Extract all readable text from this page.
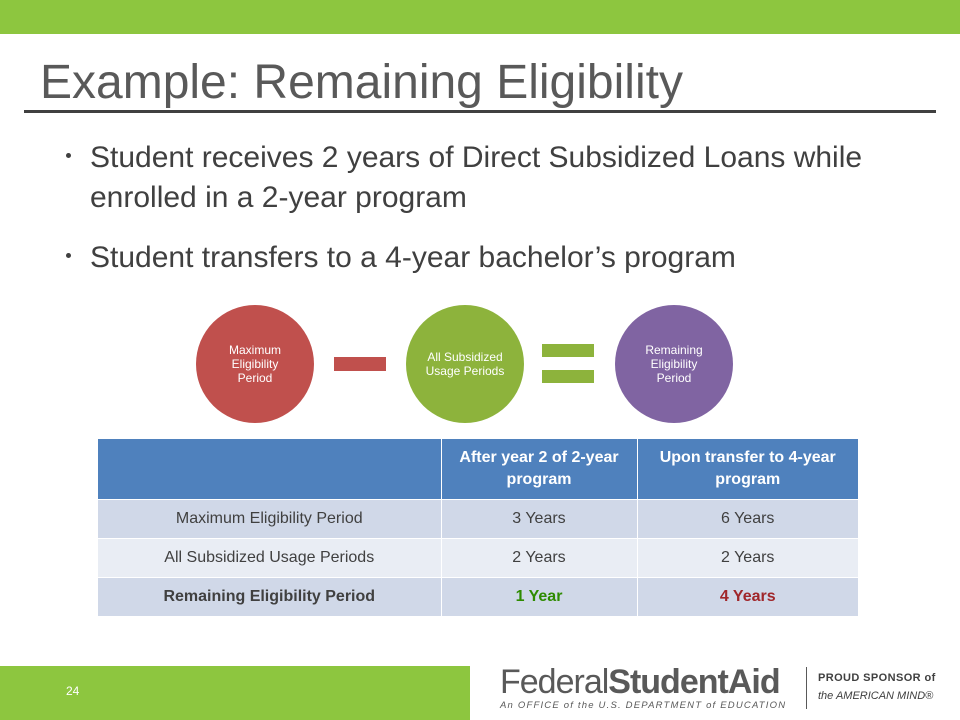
Example: Remaining Eligibility
Student receives 2 years of Direct Subsidized Loans while enrolled in a 2-year program
Student transfers to a 4-year bachelor’s program
Maximum Eligibility Period
All Subsidized Usage Periods
Remaining Eligibility Period
	After year 2 of 2-year program	Upon transfer to 4-year program
Maximum Eligibility Period	3 Years	6 Years
All Subsidized Usage Periods	2 Years	2 Years
Remaining Eligibility Period	1 Year	4 Years
24	FederalStudentAid
An OFFICE of the U.S. DEPARTMENT of EDUCATION
PROUD SPONSOR of
the AMERICAN MIND®
